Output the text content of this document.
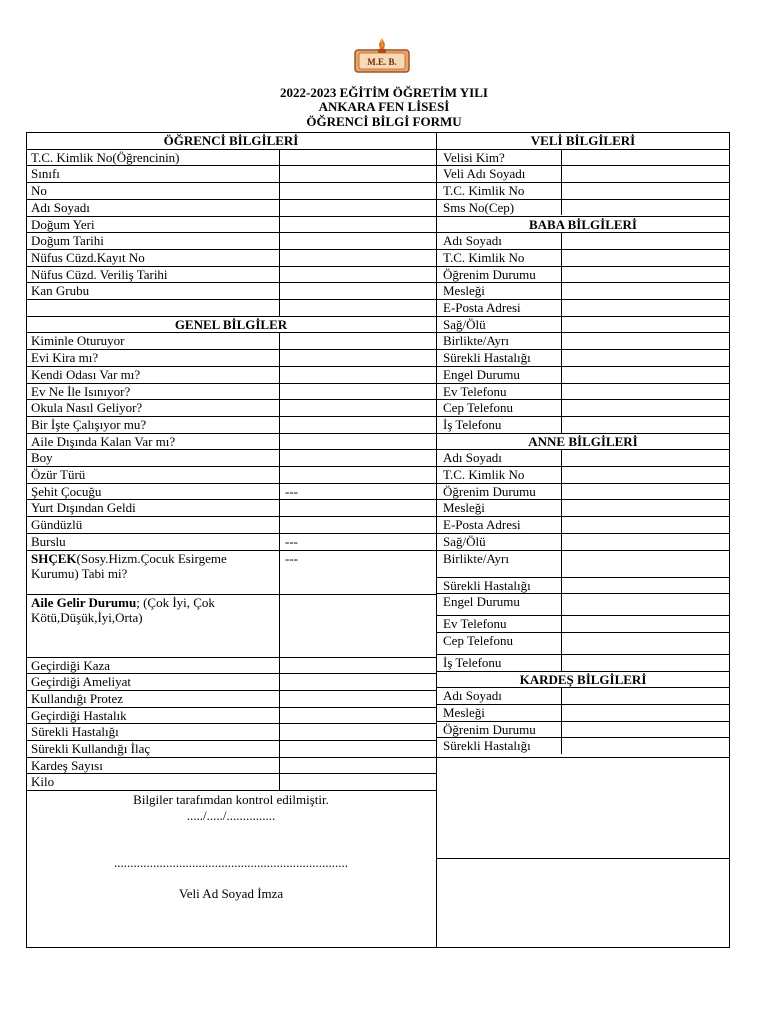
M.E. B.
2022-2023 EĞİTİM ÖĞRETİM YILI
ANKARA FEN LİSESİ
ÖĞRENCİ BİLGİ FORMU
ÖĞRENCİ BİLGİLERİ
T.C. Kimlik No(Öğrencinin)
Sınıfı
No
Adı Soyadı
Doğum Yeri
Doğum Tarihi
Nüfus Cüzd.Kayıt No
Nüfus Cüzd. Veriliş Tarihi
Kan Grubu
GENEL BİLGİLER
Kiminle Oturuyor
Evi Kira mı?
Kendi Odası Var mı?
Ev Ne İle Isınıyor?
Okula Nasıl Geliyor?
Bir İşte Çalışıyor mu?
Aile Dışında Kalan Var mı?
Boy
Özür Türü
Şehit Çocuğu	---
Yurt Dışından Geldi
Gündüzlü
Burslu	---
SHÇEK(Sosy.Hizm.Çocuk Esirgeme Kurumu) Tabi mi?
---
Aile Gelir Durumu; (Çok İyi, Çok Kötü,Düşük,İyi,Orta)
Geçirdiği Kaza
Geçirdiği Ameliyat
Kullandığı Protez
Geçirdiği Hastalık
Sürekli Hastalığı
Sürekli Kullandığı İlaç
Kardeş Sayısı
Kilo
VELİ BİLGİLERİ
Velisi Kim?
Veli Adı Soyadı
T.C. Kimlik No
Sms No(Cep)
BABA BİLGİLERİ
Adı Soyadı
T.C. Kimlik No
Öğrenim Durumu
Mesleği
E-Posta Adresi
Sağ/Ölü
Birlikte/Ayrı
Sürekli Hastalığı
Engel Durumu
Ev Telefonu
Cep Telefonu
İş Telefonu
ANNE BİLGİLERİ
Adı Soyadı
T.C. Kimlik No
Öğrenim Durumu
Mesleği
E-Posta Adresi
Sağ/Ölü
Birlikte/Ayrı
Sürekli Hastalığı
Engel Durumu
Ev Telefonu
Cep Telefonu
İş Telefonu
KARDEŞ BİLGİLERİ
Adı Soyadı
Mesleği
Öğrenim Durumu
Sürekli Hastalığı
Bilgiler tarafımdan kontrol edilmiştir.
...../...../...............
........................................................................
Veli Ad Soyad İmza
